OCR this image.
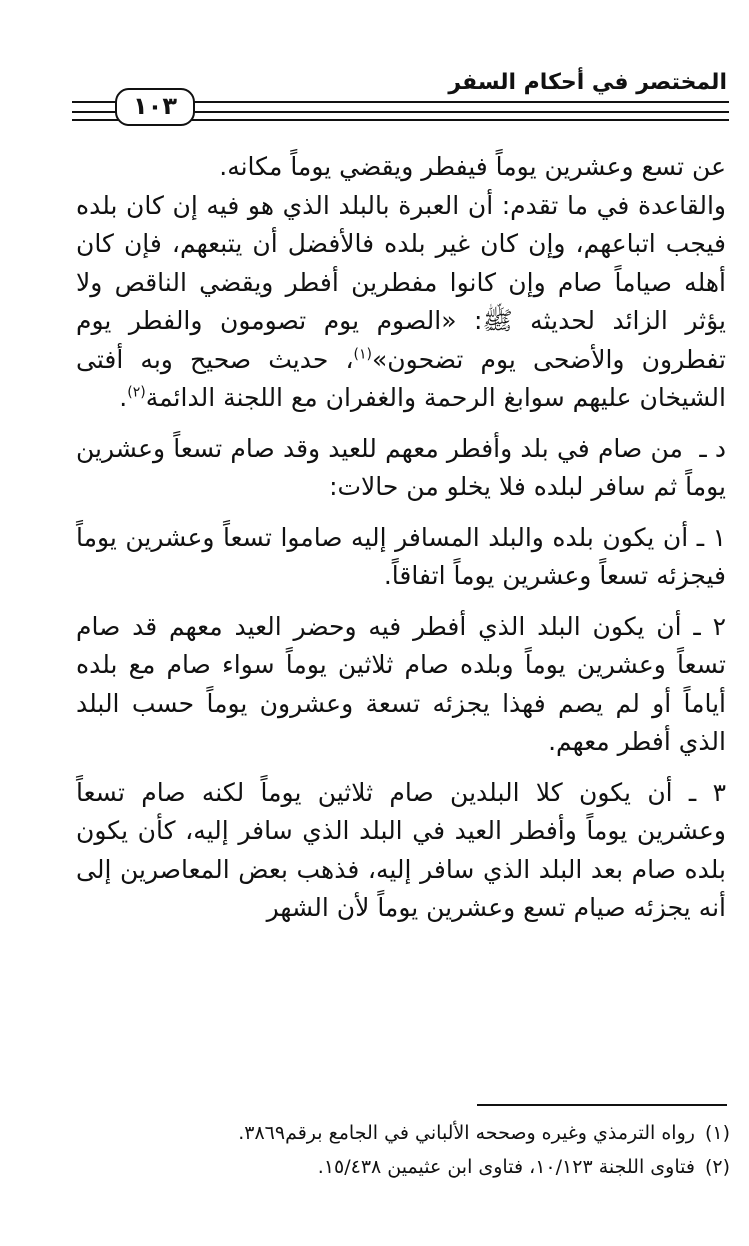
المختصر في أحكام السفر
١٠٣

عن تسع وعشرين يوماً فيفطر ويقضي يوماً مكانه.

والقاعدة في ما تقدم: أن العبرة بالبلد الذي هو فيه إن كان بلده فيجب اتباعهم، وإن كان غير بلده فالأفضل أن يتبعهم، فإن كان أهله صياماً صام وإن كانوا مفطرين أفطر ويقضي الناقص ولا يؤثر الزائد لحديثه ﷺ: «الصوم يوم تصومون والفطر يوم تفطرون والأضحى يوم تضحون»$^{(١)}$، حديث صحيح وبه أفتى الشيخان عليهم سوابغ الرحمة والغفران مع اللجنة الدائمة$^{(٢)}$.

د ـ  من صام في بلد وأفطر معهم للعيد وقد صام تسعاً وعشرين يوماً ثم سافر لبلده فلا يخلو من حالات:

١ ـ أن يكون بلده والبلد المسافر إليه صاموا تسعاً وعشرين يوماً فيجزئه تسعاً وعشرين يوماً اتفاقاً.

٢ ـ أن يكون البلد الذي أفطر فيه وحضر العيد معهم قد صام تسعاً وعشرين يوماً وبلده صام ثلاثين يوماً سواء صام مع بلده أياماً أو لم يصم فهذا يجزئه تسعة وعشرون يوماً حسب البلد الذي أفطر معهم.

٣ ـ أن يكون كلا البلدين صام ثلاثين يوماً لكنه صام تسعاً وعشرين يوماً وأفطر العيد في البلد الذي سافر إليه، كأن يكون بلده صام بعد البلد الذي سافر إليه، فذهب بعض المعاصرين إلى أنه يجزئه صيام تسع وعشرين يوماً لأن الشهر

(١)رواه الترمذي وغيره وصححه الألباني في الجامع برقم٣٨٦٩.

(٢)فتاوى اللجنة ١٠/١٢٣، فتاوى ابن عثيمين ١٥/٤٣٨.
